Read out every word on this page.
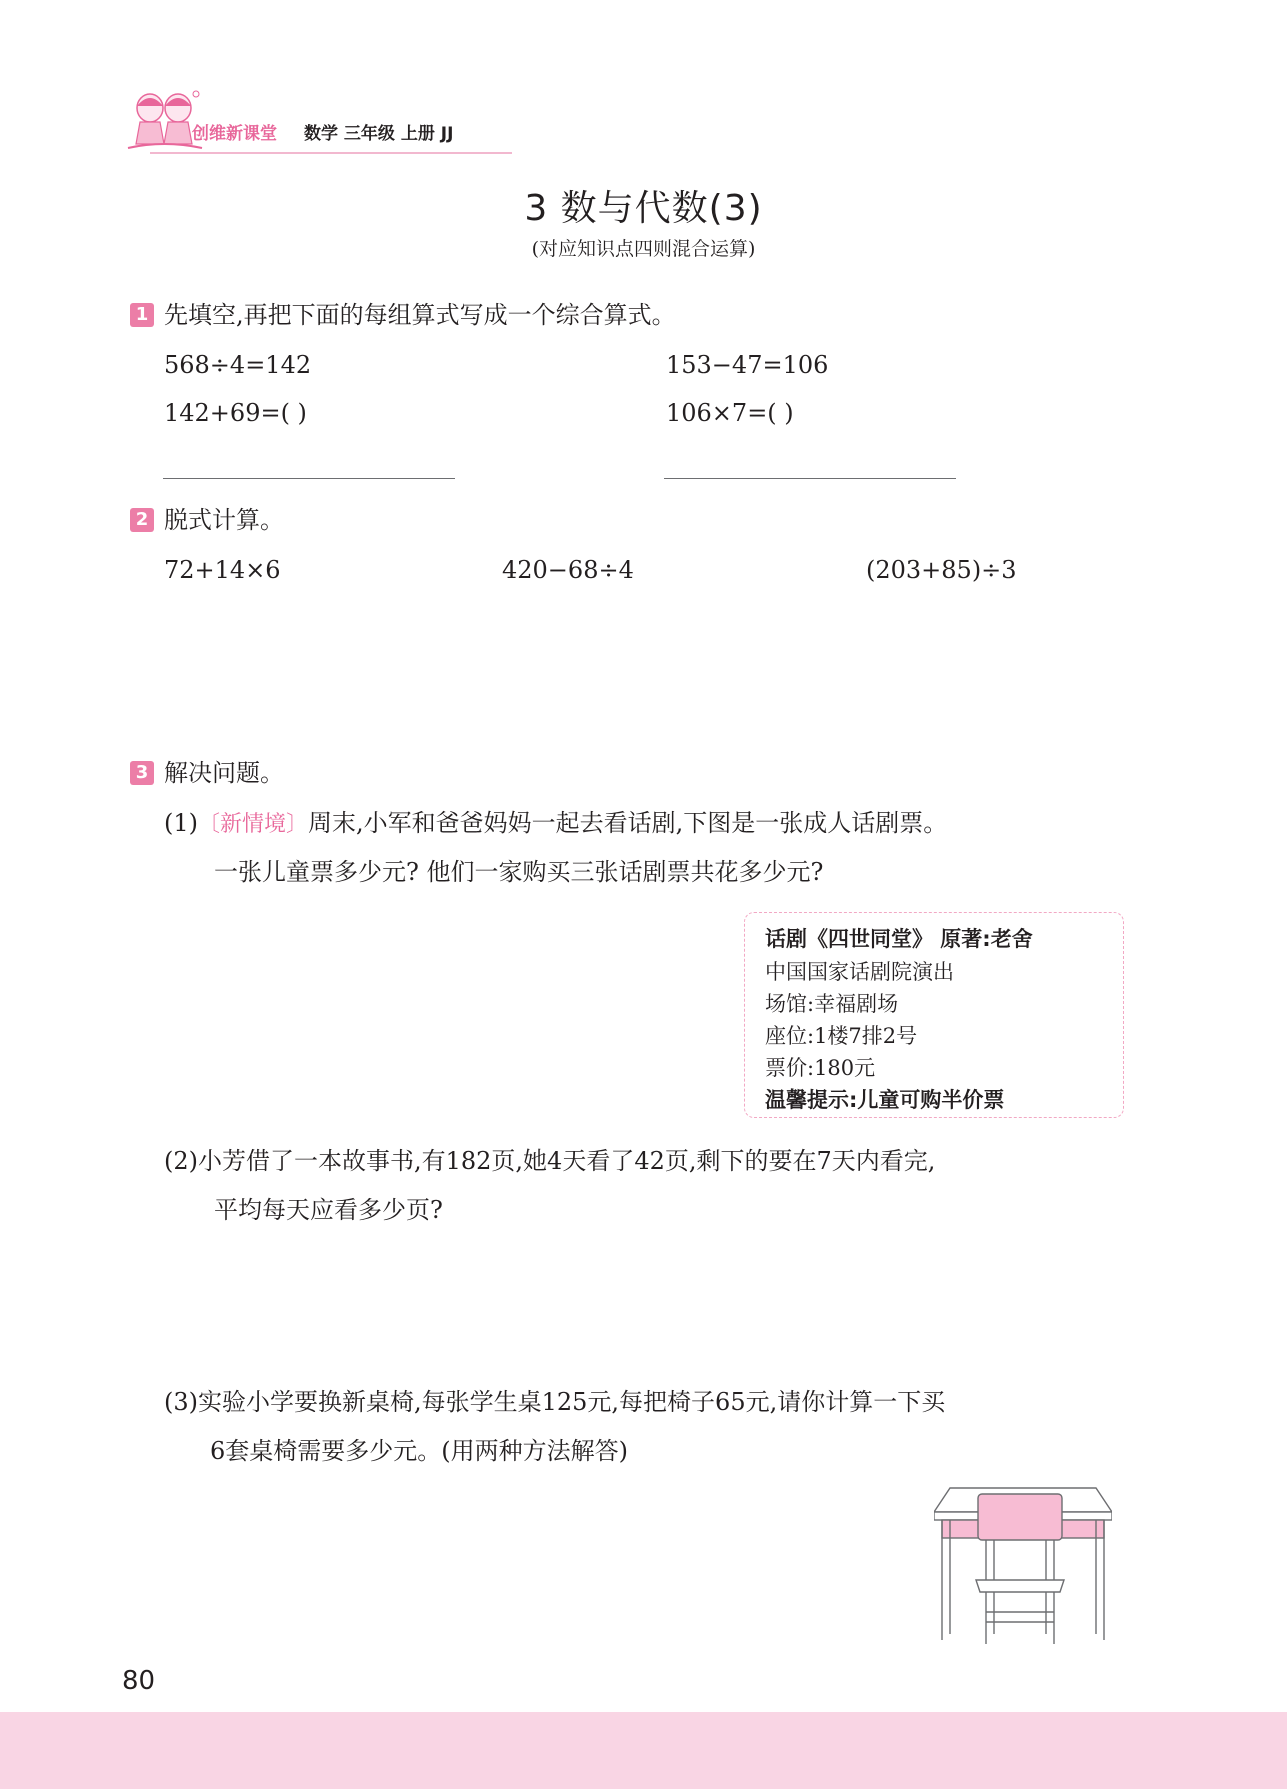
创维新课堂 数学 三年级 上册 JJ
3 数与代数(3)
(对应知识点四则混合运算)
1 先填空,再把下面的每组算式写成一个综合算式。
568÷4=142
142+69=( )
153−47=106
106×7=( )
2 脱式计算。
72+14×6	420−68÷4	(203+85)÷3
3 解决问题。
(1)〔新情境〕周末,小军和爸爸妈妈一起去看话剧,下图是一张成人话剧票。
一张儿童票多少元? 他们一家购买三张话剧票共花多少元?
话剧《四世同堂》 原著:老舍
中国国家话剧院演出
场馆:幸福剧场
座位:1楼7排2号
票价:180元
温馨提示:儿童可购半价票
(2)小芳借了一本故事书,有182页,她4天看了42页,剩下的要在7天内看完,
平均每天应看多少页?
(3)实验小学要换新桌椅,每张学生桌125元,每把椅子65元,请你计算一下买
6套桌椅需要多少元。(用两种方法解答)
80
